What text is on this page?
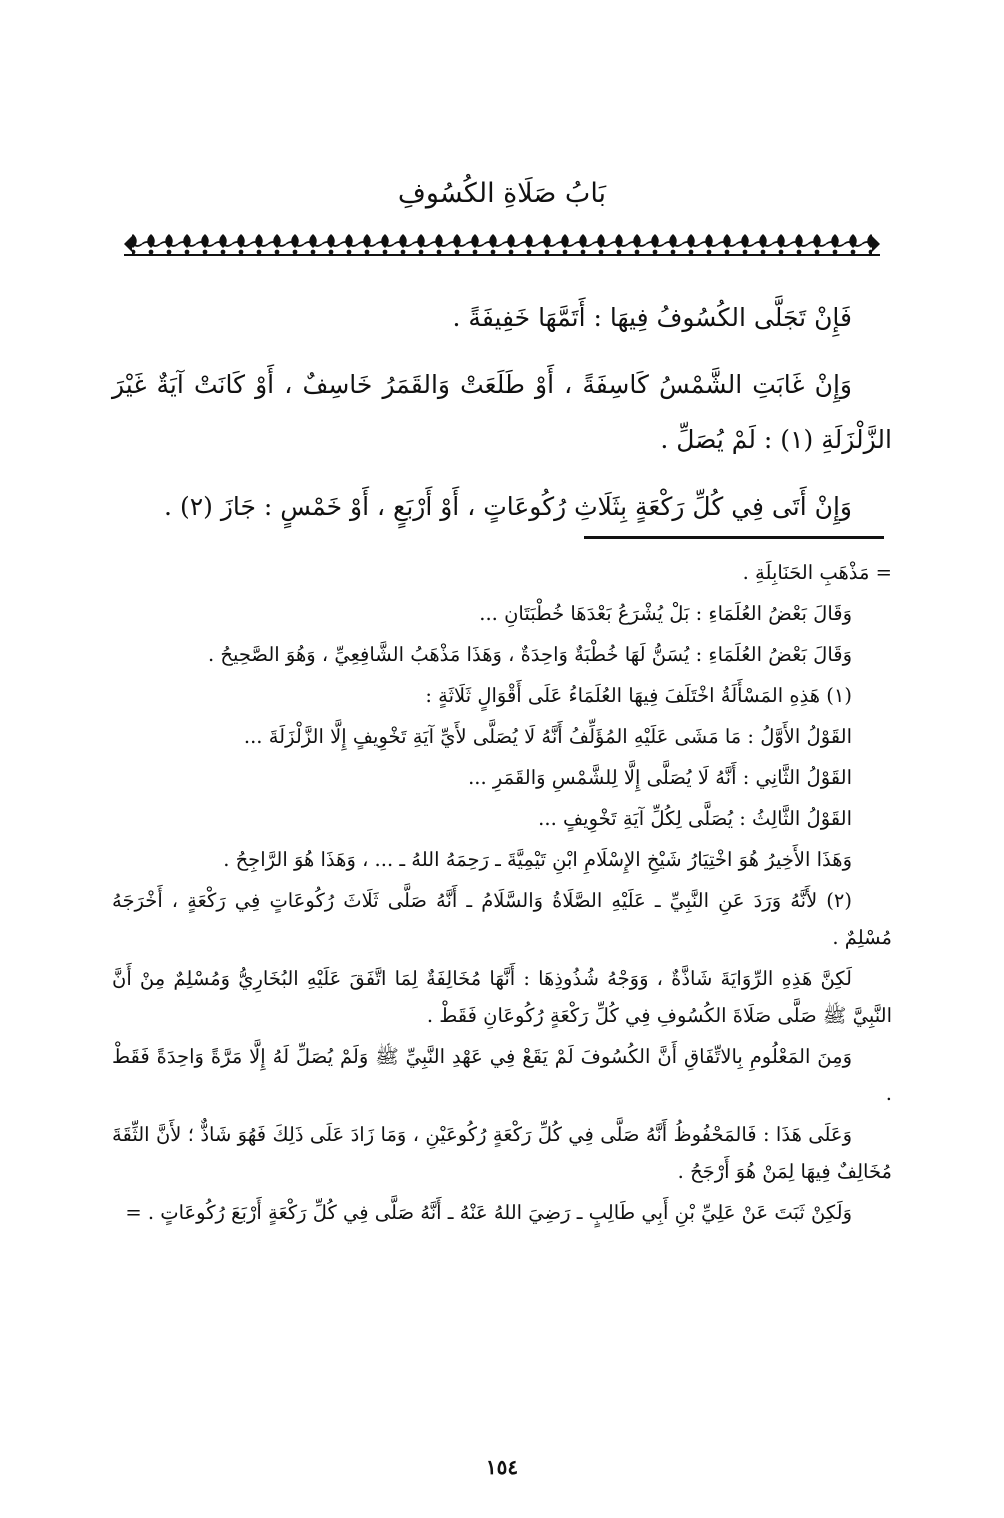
بَابُ صَلَاةِ الكُسُوفِ

فَإِنْ تَجَلَّى الكُسُوفُ فِيهَا : أَتَمَّهَا خَفِيفَةً .

وَإِنْ غَابَتِ الشَّمْسُ كَاسِفَةً ، أَوْ طَلَعَتْ وَالقَمَرُ خَاسِفٌ ، أَوْ كَانَتْ آيَةٌ غَيْرَ الزَّلْزَلَةِ (١) : لَمْ يُصَلِّ .

وَإِنْ أَتَى فِي كُلِّ رَكْعَةٍ بِثَلَاثِ رُكُوعَاتٍ ، أَوْ أَرْبَعٍ ، أَوْ خَمْسٍ : جَازَ (٢) .

= مَذْهَبِ الحَنَابِلَةِ .

وَقَالَ بَعْضُ العُلَمَاءِ : بَلْ يُشْرَعُ بَعْدَهَا خُطْبَتَانِ ...

وَقَالَ بَعْضُ العُلَمَاءِ : يُسَنُّ لَهَا خُطْبَةٌ وَاحِدَةٌ ، وَهَذَا مَذْهَبُ الشَّافِعِيِّ ، وَهُوَ الصَّحِيحُ .

(١) هَذِهِ المَسْأَلَةُ اخْتَلَفَ فِيهَا العُلَمَاءُ عَلَى أَقْوَالٍ ثَلَاثَةٍ :

القَوْلُ الأَوَّلُ : مَا مَشَى عَلَيْهِ المُؤَلِّفُ أَنَّهُ لَا يُصَلَّى لأَيِّ آيَةِ تَخْوِيفٍ إِلَّا الزَّلْزَلَةَ ...

القَوْلُ الثَّانِي : أَنَّهُ لَا يُصَلَّى إِلَّا لِلشَّمْسِ وَالقَمَرِ ...

القَوْلُ الثَّالِثُ : يُصَلَّى لِكُلِّ آيَةِ تَخْوِيفٍ ...

وَهَذَا الأَخِيرُ هُوَ اخْتِيَارُ شَيْخِ الإِسْلَامِ ابْنِ تَيْمِيَّةَ ـ رَحِمَهُ اللهُ ـ ... ، وَهَذَا هُوَ الرَّاجِحُ .

(٢) لأَنَّهُ وَرَدَ عَنِ النَّبِيِّ ـ عَلَيْهِ الصَّلَاةُ وَالسَّلَامُ ـ أَنَّهُ صَلَّى ثَلَاثَ رُكُوعَاتٍ فِي رَكْعَةٍ ، أَخْرَجَهُ مُسْلِمٌ .

لَكِنَّ هَذِهِ الرِّوَايَةَ شَاذَّةٌ ، وَوَجْهُ شُذُوذِهَا : أَنَّهَا مُخَالِفَةٌ لِمَا اتَّفَقَ عَلَيْهِ البُخَارِيُّ وَمُسْلِمٌ مِنْ أَنَّ النَّبِيَّ ﷺ صَلَّى صَلَاةَ الكُسُوفِ فِي كُلِّ رَكْعَةٍ رُكُوعَانِ فَقَطْ .

وَمِنَ المَعْلُومِ بِالاتِّفَاقِ أَنَّ الكُسُوفَ لَمْ يَقَعْ فِي عَهْدِ النَّبِيِّ ﷺ وَلَمْ يُصَلِّ لَهُ إِلَّا مَرَّةً وَاحِدَةً فَقَطْ .

وَعَلَى هَذَا : فَالمَحْفُوظُ أَنَّهُ صَلَّى فِي كُلِّ رَكْعَةٍ رُكُوعَيْنِ ، وَمَا زَادَ عَلَى ذَلِكَ فَهُوَ شَاذٌّ ؛ لأَنَّ الثِّقَةَ مُخَالِفٌ فِيهَا لِمَنْ هُوَ أَرْجَحُ .

وَلَكِنْ ثَبَتَ عَنْ عَلِيِّ بْنِ أَبِي طَالِبٍ ـ رَضِيَ اللهُ عَنْهُ ـ أَنَّهُ صَلَّى فِي كُلِّ رَكْعَةٍ أَرْبَعَ رُكُوعَاتٍ . =

١٥٤
